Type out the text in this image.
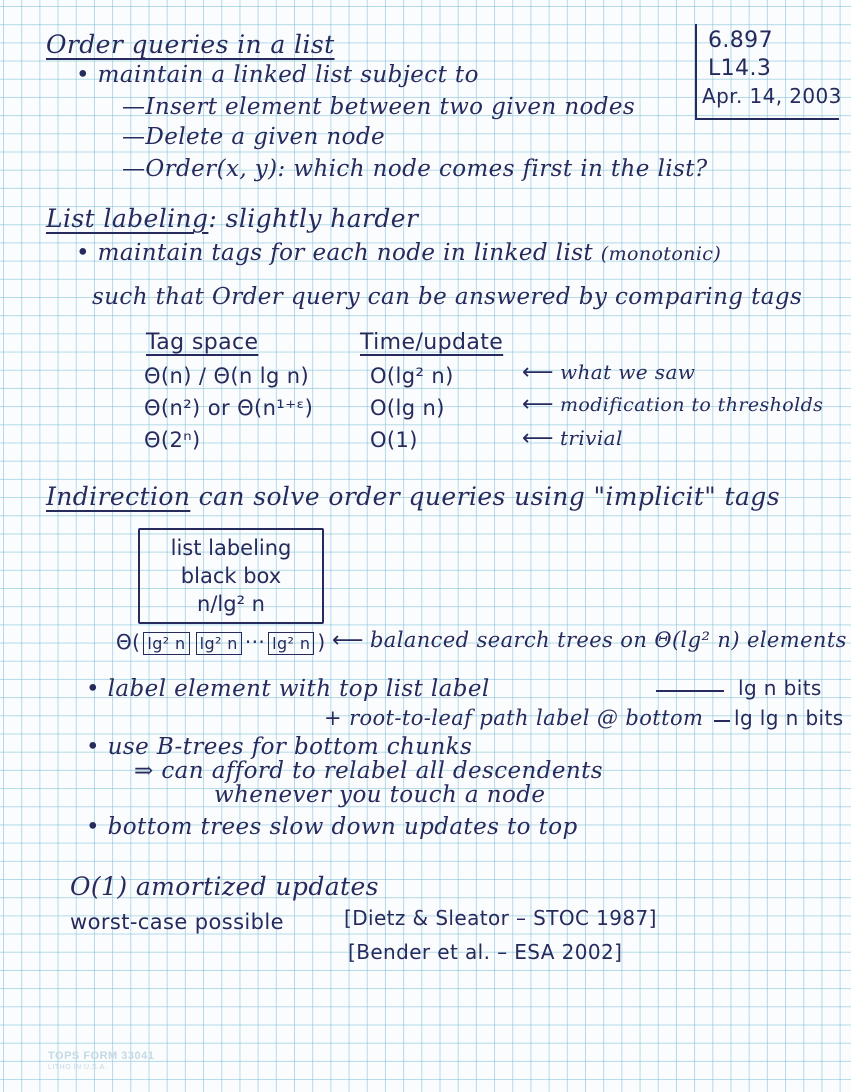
6.897
L14.3
Apr. 14, 2003
Order queries in a list
• maintain a linked list subject to
—Insert element between two given nodes
—Delete a given node
—Order(x, y): which node comes first in the list?
List labeling: slightly harder
• maintain tags for each node in linked list (monotonic)
such that Order query can be answered by comparing tags
Tag space	Time/update
Θ(n) / Θ(n lg n)	O(lg² n)	⟵ what we saw
Θ(n²) or Θ(n¹⁺ᵋ)	O(lg n)	⟵ modification to thresholds
Θ(2ⁿ)	O(1)	⟵ trivial
Indirection can solve order queries using "implicit" tags
list labeling
black box
n/lg² n
Θ( lg² n lg² n ··· lg² n ) ⟵ balanced search trees on Θ(lg² n) elements
• label element with top list label	lg n bits
+ root-to-leaf path label @ bottom lg lg n bits
• use B-trees for bottom chunks
⇒ can afford to relabel all descendents
whenever you touch a node
• bottom trees slow down updates to top
O(1) amortized updates
worst-case possible	[Dietz & Sleator – STOC 1987]
[Bender et al. – ESA 2002]
TOPS FORM 33041
LITHO IN U.S.A.
